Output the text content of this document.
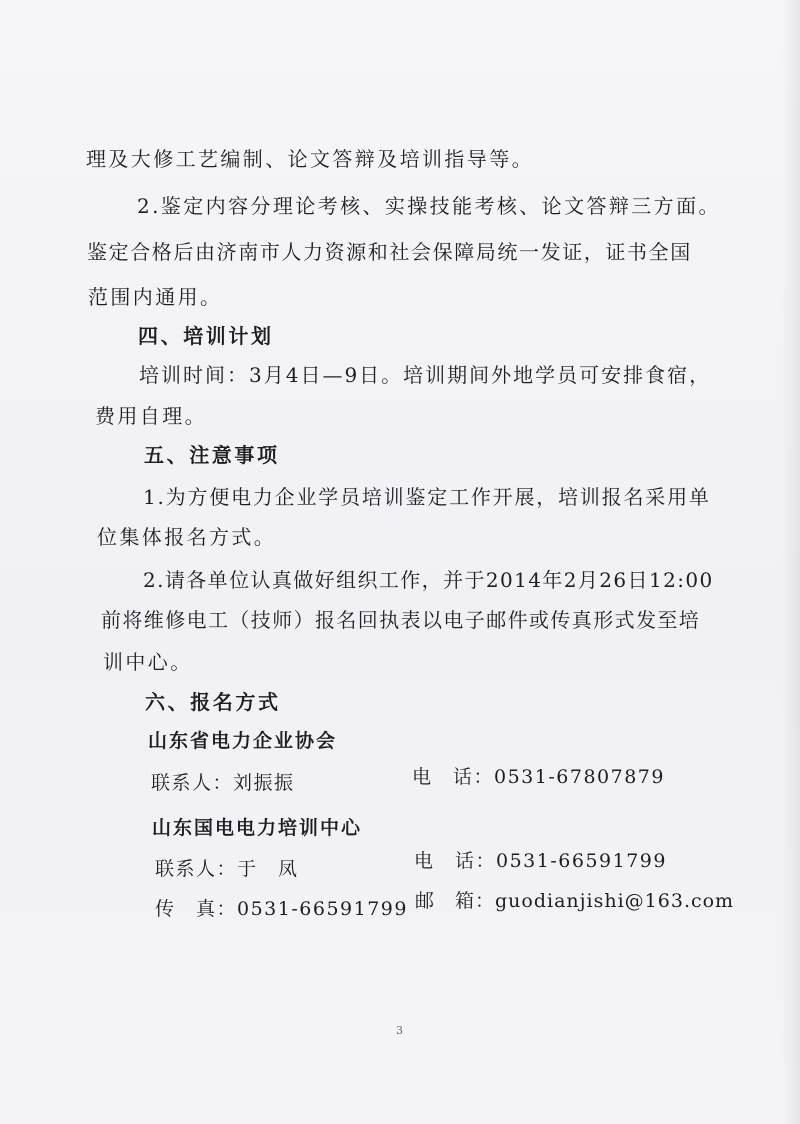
理及大修工艺编制、论文答辩及培训指导等。
2.鉴定内容分理论考核、实操技能考核、论文答辩三方面。
鉴定合格后由济南市人力资源和社会保障局统一发证，证书全国
范围内通用。
四、培训计划
培训时间：3月4日—9日。培训期间外地学员可安排食宿，
费用自理。
五、注意事项
1.为方便电力企业学员培训鉴定工作开展，培训报名采用单
位集体报名方式。
2.请各单位认真做好组织工作，并于2014年2月26日12:00
前将维修电工（技师）报名回执表以电子邮件或传真形式发至培
训中心。
六、报名方式
山东省电力企业协会
联系人：刘振振	电　话：0531-67807879
山东国电电力培训中心
联系人：于　凤	电　话：0531-66591799
传　真：0531-66591799 邮　箱：guodianjishi@163.com
3
